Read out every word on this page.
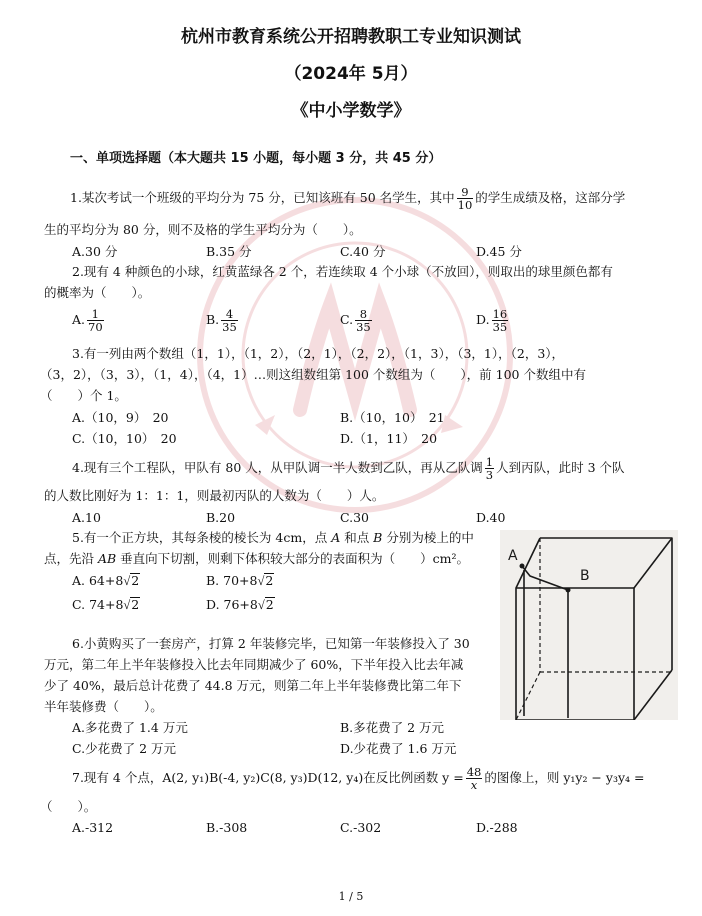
杭州市教育系统公开招聘教职工专业知识测试
（2024年 5月）
《中小学数学》
一、单项选择题（本大题共 15 小题，每小题 3 分，共 45 分）
1.某次考试一个班级的平均分为 75 分，已知该班有 50 名学生，其中 $\frac{9}{10}$ 的学生成绩及格，这部分学
生的平均分为 80 分，则不及格的学生平均分为（　　）。
A.30 分	B.35 分	C.40 分	D.45 分
2.现有 4 种颜色的小球，红黄蓝绿各 2 个，若连续取 4 个小球（不放回），则取出的球里颜色都有
的概率为（　　）。
A. $\frac{1}{70}$	B. $\frac{4}{35}$	C. $\frac{8}{35}$	D. $\frac{16}{35}$
3.有一列由两个数组（1，1），（1，2），（2，1），（2，2），（1，3），（3，1），（2，3），
（3，2），（3，3），（1，4），（4，1）…则这组数组第 100 个数组为（　　），前 100 个数组中有
（　　）个 1。
A.（10，9）　20	B.（10，10）　21
C.（10，10）　20	D.（1，11）　20
4.现有三个工程队，甲队有 80 人，从甲队调一半人数到乙队，再从乙队调 $\frac{1}{3}$ 人到丙队，此时 3 个队
的人数比刚好为 1：1：1，则最初丙队的人数为（　　）人。
A.10	B.20	C.30	D.40
5.有一个正方块，其每条棱的棱长为 4cm，点 A 和点 B 分别为棱上的中
点，先沿 AB 垂直向下切割，则剩下体积较大部分的表面积为（　　）cm²。
A. 64+8√2	B. 70+8√2
C. 74+8√2	D. 76+8√2
A
B
6.小黄购买了一套房产，打算 2 年装修完毕，已知第一年装修投入了 30
万元，第二年上半年装修投入比去年同期减少了 60%，下半年投入比去年减
少了 40%，最后总计花费了 44.8 万元，则第二年上半年装修费比第二年下
半年装修费（　　）。
A.多花费了 1.4 万元	B.多花费了 2 万元
C.少花费了 2 万元	D.少花费了 1.6 万元
7.现有 4 个点，A(2, y₁)B(-4, y₂)C(8, y₃)D(12, y₄)在反比例函数 $y = \frac{48}{x}$ 的图像上，则 y₁y₂ − y₃y₄ =
（　　）。
A.-312	B.-308	C.-302	D.-288
1 / 5
